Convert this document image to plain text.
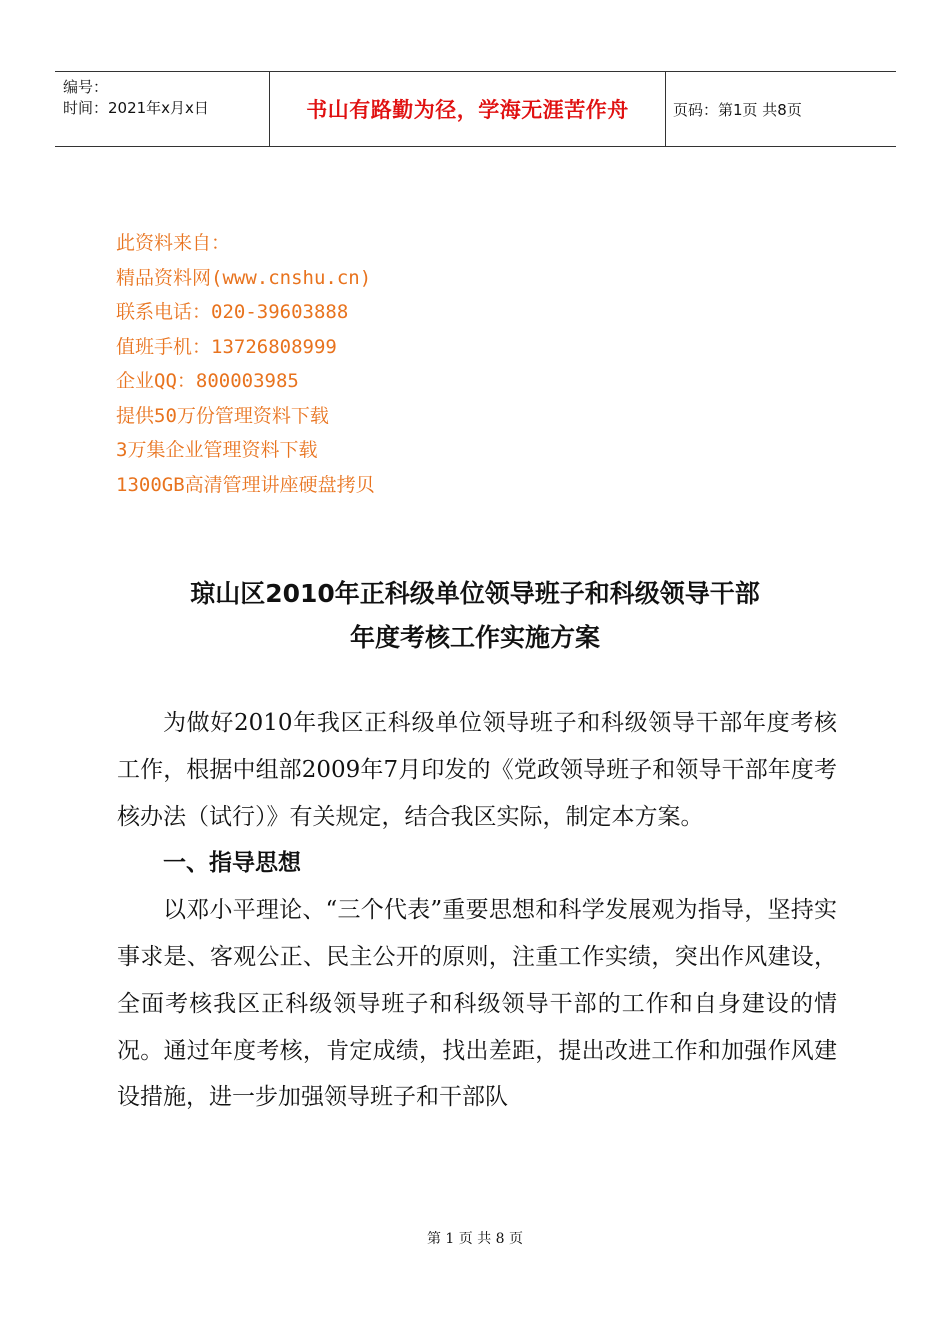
编号：
时间：2021年x月x日	书山有路勤为径，学海无涯苦作舟	页码：第1页 共8页
此资料来自：
精品资料网(www.cnshu.cn)
联系电话：020-39603888
值班手机：13726808999
企业QQ：800003985
提供50万份管理资料下载
3万集企业管理资料下载
1300GB高清管理讲座硬盘拷贝
琼山区2010年正科级单位领导班子和科级领导干部
年度考核工作实施方案

为做好2010年我区正科级单位领导班子和科级领导干部年度考核工作，根据中组部2009年7月印发的《党政领导班子和领导干部年度考核办法（试行）》有关规定，结合我区实际，制定本方案。

一、指导思想

以邓小平理论、“三个代表”重要思想和科学发展观为指导，坚持实事求是、客观公正、民主公开的原则，注重工作实绩，突出作风建设，全面考核我区正科级领导班子和科级领导干部的工作和自身建设的情况。通过年度考核，肯定成绩，找出差距，提出改进工作和加强作风建设措施，进一步加强领导班子和干部队

第 1 页 共 8 页
